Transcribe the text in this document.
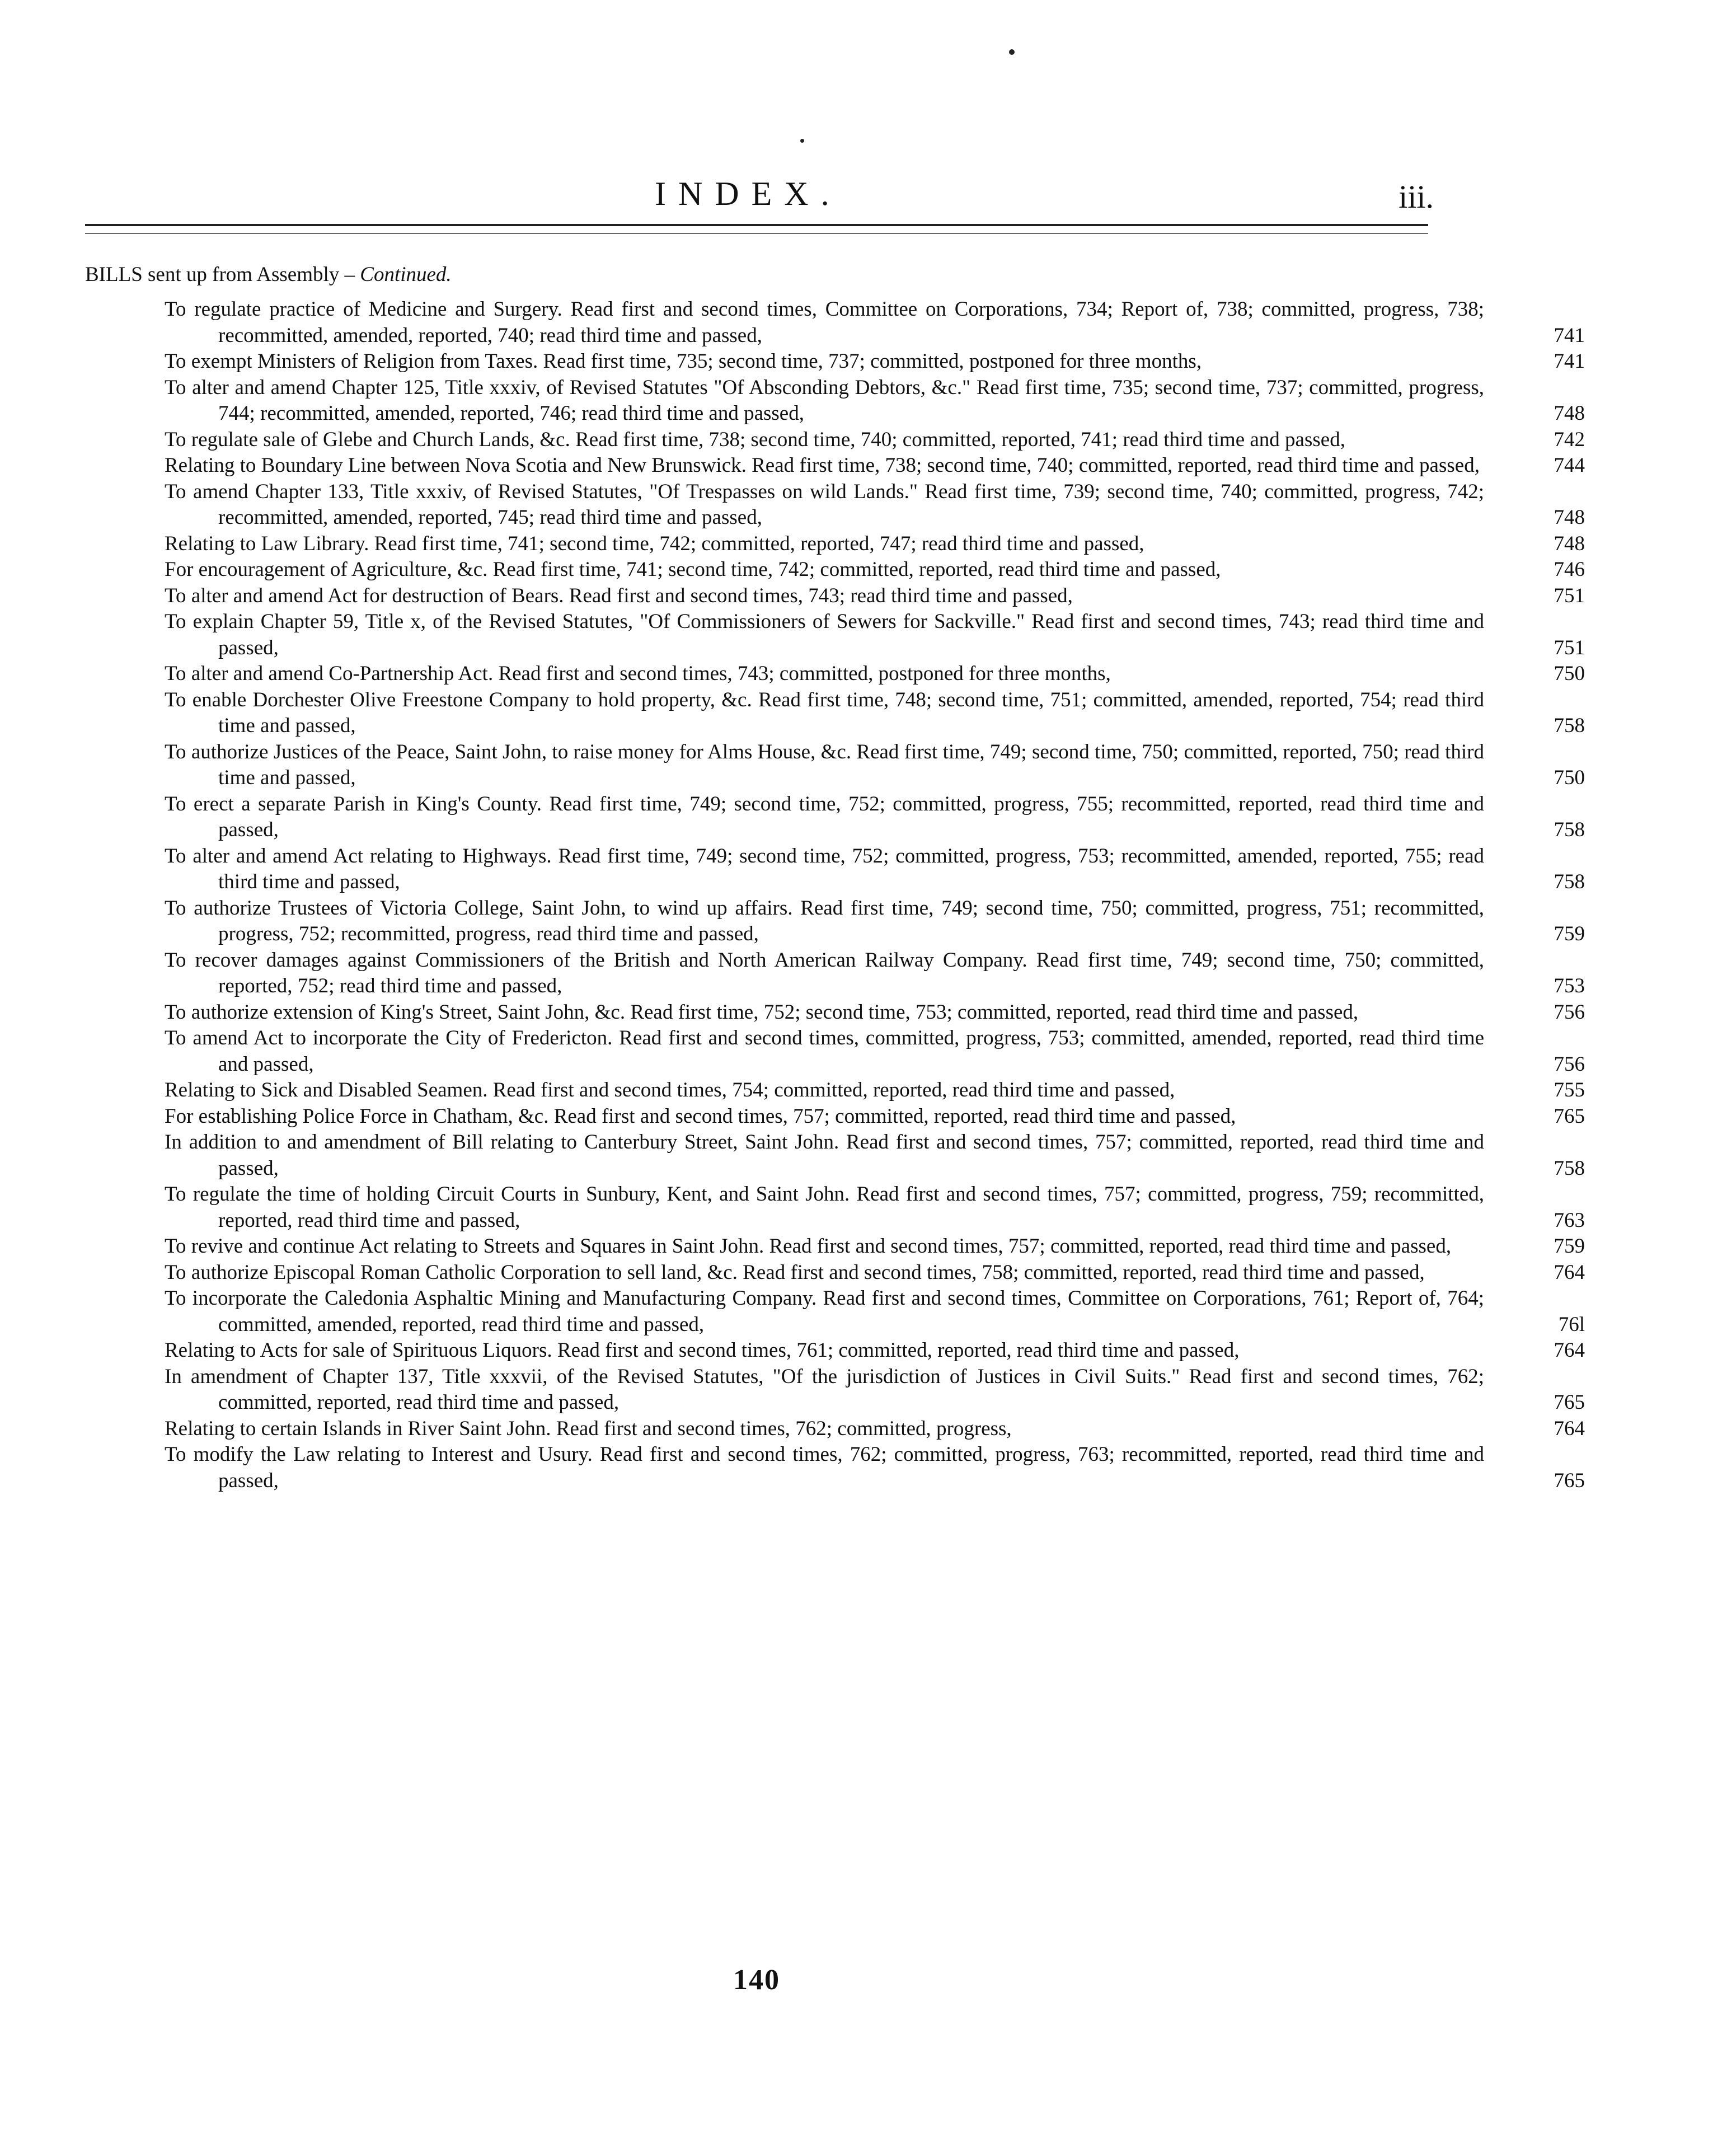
INDEX.	iii.
BILLS sent up from Assembly – Continued.
To regulate practice of Medicine and Surgery. Read first and second times, Committee on Corporations, 734; Report of, 738; committed, progress, 738; recommitted, amended, reported, 740; read third time and passed,	741
To exempt Ministers of Religion from Taxes. Read first time, 735; second time, 737; committed, postponed for three months,	741
To alter and amend Chapter 125, Title xxxiv, of Revised Statutes "Of Absconding Debtors, &c." Read first time, 735; second time, 737; committed, progress, 744; recommitted, amended, reported, 746; read third time and passed,	748
To regulate sale of Glebe and Church Lands, &c. Read first time, 738; second time, 740; committed, reported, 741; read third time and passed,	742
Relating to Boundary Line between Nova Scotia and New Brunswick. Read first time, 738; second time, 740; committed, reported, read third time and passed,	744
To amend Chapter 133, Title xxxiv, of Revised Statutes, "Of Trespasses on wild Lands." Read first time, 739; second time, 740; committed, progress, 742; recommitted, amended, reported, 745; read third time and passed,	748
Relating to Law Library. Read first time, 741; second time, 742; committed, reported, 747; read third time and passed,	748
For encouragement of Agriculture, &c. Read first time, 741; second time, 742; committed, reported, read third time and passed,	746
To alter and amend Act for destruction of Bears. Read first and second times, 743; read third time and passed,	751
To explain Chapter 59, Title x, of the Revised Statutes, "Of Commissioners of Sewers for Sackville." Read first and second times, 743; read third time and passed,	751
To alter and amend Co-Partnership Act. Read first and second times, 743; committed, postponed for three months,	750
To enable Dorchester Olive Freestone Company to hold property, &c. Read first time, 748; second time, 751; committed, amended, reported, 754; read third time and passed,	758
To authorize Justices of the Peace, Saint John, to raise money for Alms House, &c. Read first time, 749; second time, 750; committed, reported, 750; read third time and passed,	750
To erect a separate Parish in King's County. Read first time, 749; second time, 752; committed, progress, 755; recommitted, reported, read third time and passed,	758
To alter and amend Act relating to Highways. Read first time, 749; second time, 752; committed, progress, 753; recommitted, amended, reported, 755; read third time and passed,	758
To authorize Trustees of Victoria College, Saint John, to wind up affairs. Read first time, 749; second time, 750; committed, progress, 751; recommitted, progress, 752; recommitted, progress, read third time and passed,	759
To recover damages against Commissioners of the British and North American Railway Company. Read first time, 749; second time, 750; committed, reported, 752; read third time and passed,	753
To authorize extension of King's Street, Saint John, &c. Read first time, 752; second time, 753; committed, reported, read third time and passed,	756
To amend Act to incorporate the City of Fredericton. Read first and second times, committed, progress, 753; committed, amended, reported, read third time and passed,	756
Relating to Sick and Disabled Seamen. Read first and second times, 754; committed, reported, read third time and passed,	755
For establishing Police Force in Chatham, &c. Read first and second times, 757; committed, reported, read third time and passed,	765
In addition to and amendment of Bill relating to Canterbury Street, Saint John. Read first and second times, 757; committed, reported, read third time and passed,	758
To regulate the time of holding Circuit Courts in Sunbury, Kent, and Saint John. Read first and second times, 757; committed, progress, 759; recommitted, reported, read third time and passed,	763
To revive and continue Act relating to Streets and Squares in Saint John. Read first and second times, 757; committed, reported, read third time and passed,	759
To authorize Episcopal Roman Catholic Corporation to sell land, &c. Read first and second times, 758; committed, reported, read third time and passed,	764
To incorporate the Caledonia Asphaltic Mining and Manufacturing Company. Read first and second times, Committee on Corporations, 761; Report of, 764; committed, amended, reported, read third time and passed,	76l
Relating to Acts for sale of Spirituous Liquors. Read first and second times, 761; committed, reported, read third time and passed,	764
In amendment of Chapter 137, Title xxxvii, of the Revised Statutes, "Of the jurisdiction of Justices in Civil Suits." Read first and second times, 762; committed, reported, read third time and passed,	765
Relating to certain Islands in River Saint John. Read first and second times, 762; committed, progress,	764
To modify the Law relating to Interest and Usury. Read first and second times, 762; committed, progress, 763; recommitted, reported, read third time and passed,	765
140
